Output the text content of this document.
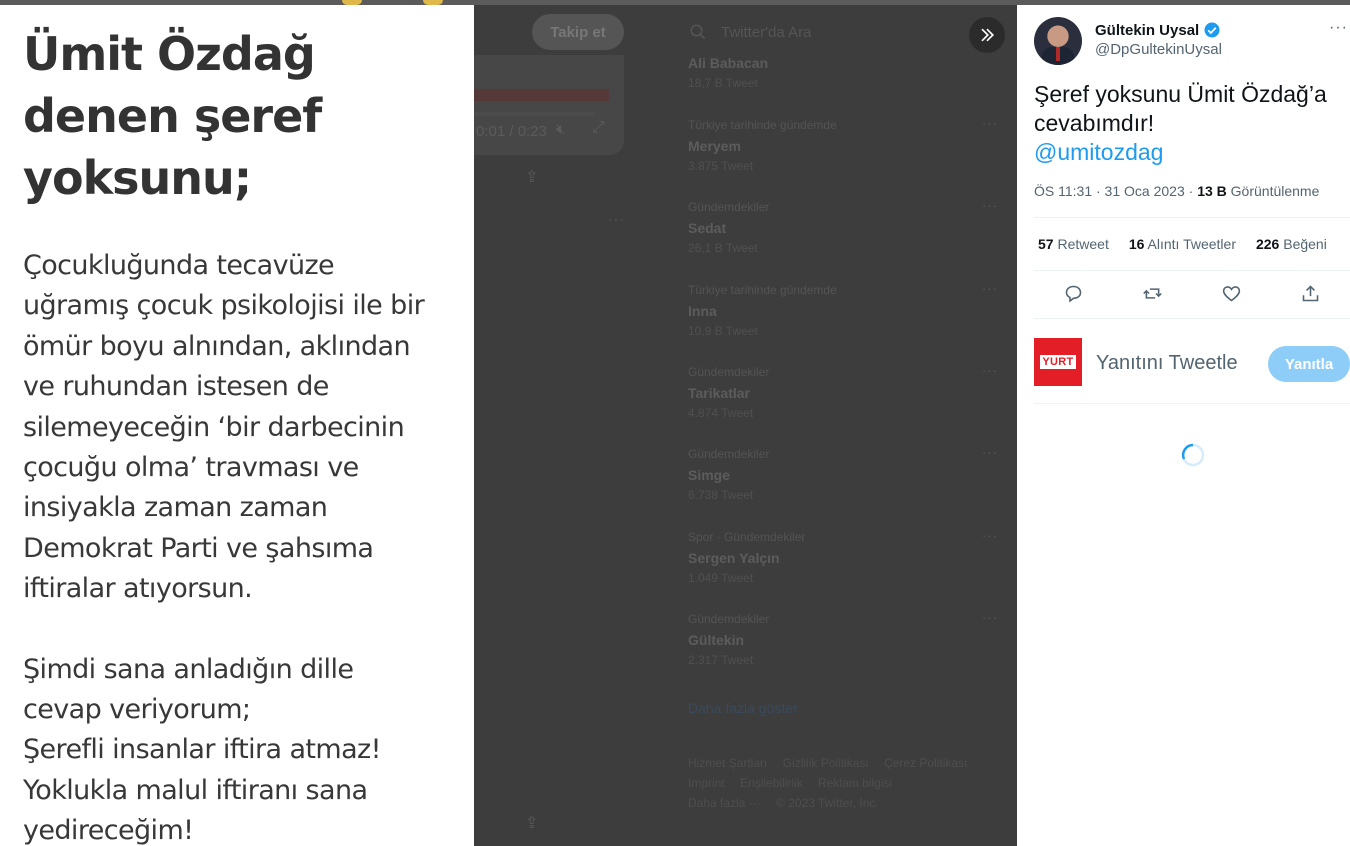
Ümit Özdağ
denen şeref
yoksunu;

Çocukluğunda tecavüze

uğramış çocuk psikolojisi ile bir

ömür boyu alnından, aklından

ve ruhundan istesen de

silemeyeceğin ‘bir darbecinin

çocuğu olma’ travması ve

insiyakla zaman zaman

Demokrat Parti ve şahsıma

iftiralar atıyorsun.

Şimdi sana anladığın dille

cevap veriyorum;

Şerefli insanlar iftira atmaz!

Yoklukla malul iftiranı sana

yedireceğim!

Takip et
0:01 / 0:23 🔇︎ ⤢
⇪
···
⇪
Twitter'da Ara
Ali Babacan
18,7 B Tweet
Türkiye tarihinde gündemde
Meryem
3.875 Tweet
···
Gündemdekiler
Sedat
26,1 B Tweet
···
Türkiye tarihinde gündemde
Inna
10,9 B Tweet
···
Gündemdekiler
Tarikatlar
4.874 Tweet
···
Gündemdekiler
Simge
6.738 Tweet
···
Spor · Gündemdekiler
Sergen Yalçın
1.049 Tweet
···
Gündemdekiler
Gültekin
2.317 Tweet
···
Daha fazla göster
Hizmet Şartları Gizlilik Politikası Çerez Politikası
Imprint Erişilebilirlik Reklam bilgisi
Daha fazla ··· © 2023 Twitter, Inc.
Gültekin Uysal
@DpGultekinUysal
···
Şeref yoksunu Ümit Özdağ’a cevabımdır!
@umitozdag
ÖS 11:31 · 31 Oca 2023 · 13 B Görüntülenme
57 Retweet 16 Alıntı Tweetler 226 Beğeni
YURT Yanıtını Tweetle	Yanıtla
